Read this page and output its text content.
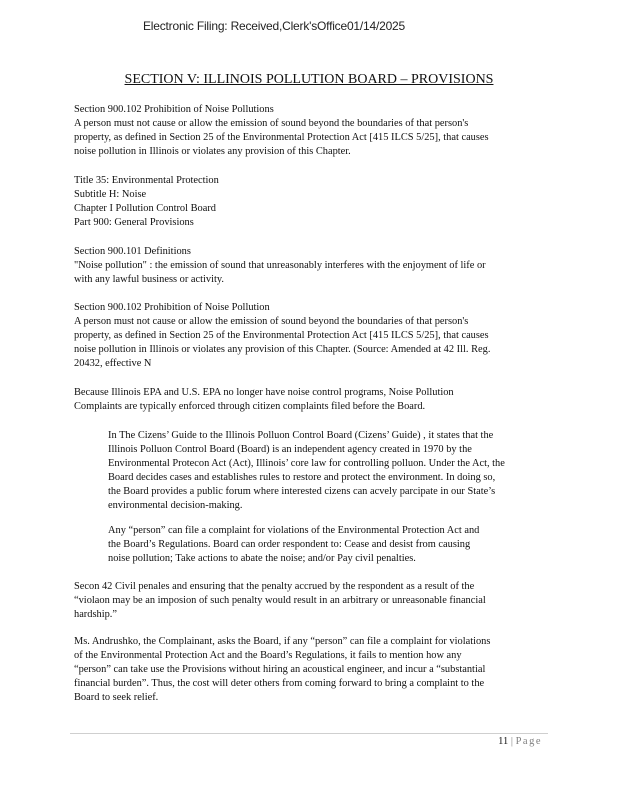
Electronic Filing: Received,Clerk'sOffice01/14/2025
SECTION V: ILLINOIS POLLUTION BOARD – PROVISIONS
Section 900.102 Prohibition of Noise Pollutions
A person must not cause or allow the emission of sound beyond the boundaries of that person's
property, as defined in Section 25 of the Environmental Protection Act [415 ILCS 5/25], that causes
noise pollution in Illinois or violates any provision of this Chapter.
Title 35: Environmental Protection
Subtitle H: Noise
Chapter I Pollution Control Board
Part 900: General Provisions
Section 900.101 Definitions
"Noise pollution" : the emission of sound that unreasonably interferes with the enjoyment of life or
with any lawful business or activity.
Section 900.102 Prohibition of Noise Pollution
A person must not cause or allow the emission of sound beyond the boundaries of that person's
property, as defined in Section 25 of the Environmental Protection Act [415 ILCS 5/25], that causes
noise pollution in Illinois or violates any provision of this Chapter. (Source: Amended at 42 Ill. Reg.
20432, effective N
Because Illinois EPA and U.S. EPA no longer have noise control programs, Noise Pollution
Complaints are typically enforced through citizen complaints filed before the Board.
In The Cizens’ Guide to the Illinois Polluon Control Board (Cizens’ Guide) , it states that the
Illinois Polluon Control Board (Board) is an independent agency created in 1970 by the
Environmental Protecon Act (Act), Illinois’ core law for controlling polluon. Under the Act, the
Board decides cases and establishes rules to restore and protect the environment. In doing so,
the Board provides a public forum where interested cizens can acvely parcipate in our State’s
environmental decision-making.
Any “person” can file a complaint for violations of the Environmental Protection Act and
the Board’s Regulations. Board can order respondent to: Cease and desist from causing
noise pollution; Take actions to abate the noise; and/or Pay civil penalties.
Secon 42 Civil penales and ensuring that the penalty accrued by the respondent as a result of the
“violaon may be an imposion of such penalty would result in an arbitrary or unreasonable financial
hardship.”
Ms. Andrushko, the Complainant, asks the Board, if any “person” can file a complaint for violations
of the Environmental Protection Act and the Board’s Regulations, it fails to mention how any
“person” can take use the Provisions without hiring an acoustical engineer, and incur a “substantial
financial burden”. Thus, the cost will deter others from coming forward to bring a complaint to the
Board to seek relief.
11 | Page
